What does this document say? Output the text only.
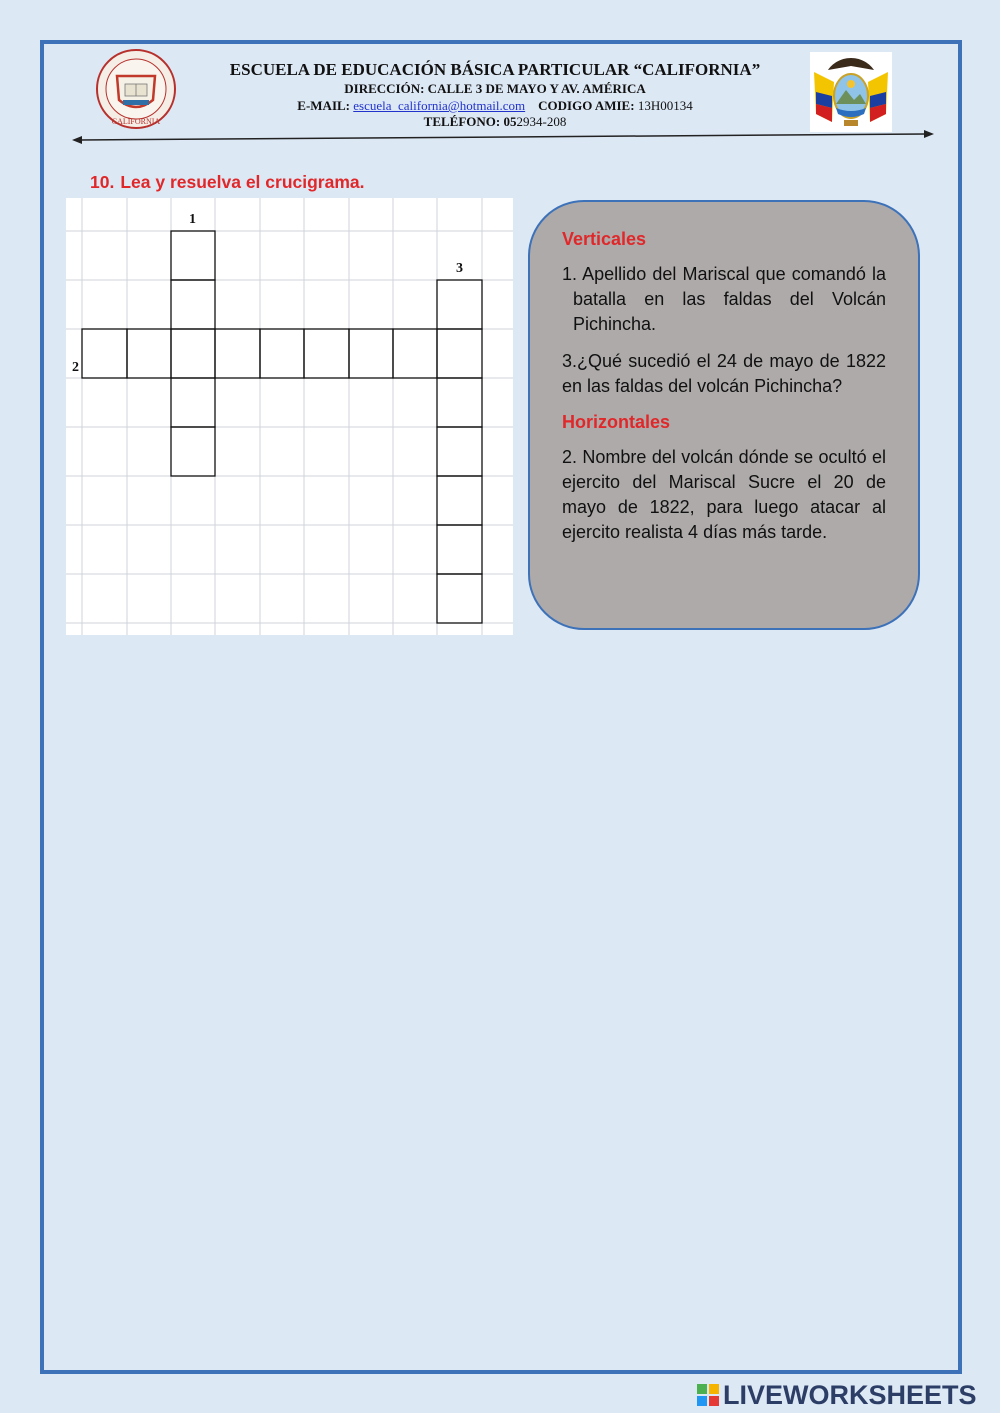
CALIFORNIA

ESCUELA DE EDUCACIÓN BÁSICA PARTICULAR “CALIFORNIA”

DIRECCIÓN: CALLE 3 DE MAYO Y AV. AMÉRICA

E-MAIL: escuela_california@hotmail.com CODIGO AMIE: 13H00134

TELÉFONO: 052934-208

10. Lea y resuelva el crucigrama.

1
3
2

Verticales

1. Apellido del Mariscal que comandó la batalla en las faldas del Volcán Pichincha.

3.¿Qué sucedió el 24 de mayo de 1822 en las faldas del volcán Pichincha?

Horizontales

2. Nombre del volcán dónde se ocultó el ejercito del Mariscal Sucre el 20 de mayo de 1822, para luego atacar al ejercito realista 4 días más tarde.

LIVEWORKSHEETS
